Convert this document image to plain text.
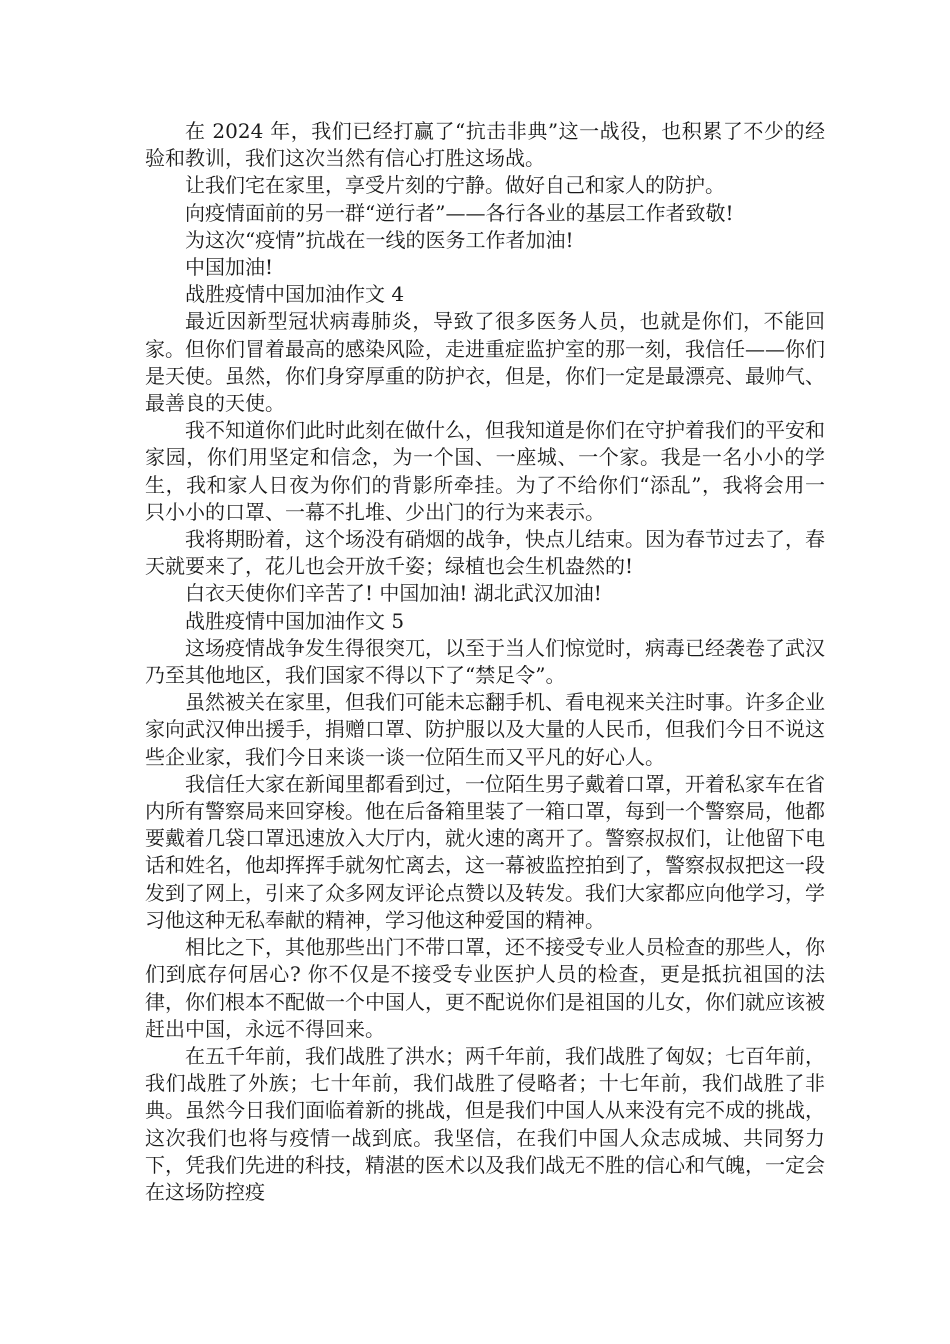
在 2024 年，我们已经打赢了“抗击非典”这一战役，也积累了不少的经验和教训，我们这次当然有信心打胜这场战。

让我们宅在家里，享受片刻的宁静。做好自己和家人的防护。

向疫情面前的另一群“逆行者”——各行各业的基层工作者致敬!

为这次“疫情”抗战在一线的医务工作者加油!

中国加油!

战胜疫情中国加油作文 4

最近因新型冠状病毒肺炎，导致了很多医务人员，也就是你们，不能回家。但你们冒着最高的感染风险，走进重症监护室的那一刻，我信任——你们是天使。虽然，你们身穿厚重的防护衣，但是，你们一定是最漂亮、最帅气、最善良的天使。

我不知道你们此时此刻在做什么，但我知道是你们在守护着我们的平安和家园，你们用坚定和信念，为一个国、一座城、一个家。我是一名小小的学生，我和家人日夜为你们的背影所牵挂。为了不给你们“添乱”，我将会用一只小小的口罩、一幕不扎堆、少出门的行为来表示。

我将期盼着，这个场没有硝烟的战争，快点儿结束。因为春节过去了，春天就要来了，花儿也会开放千姿；绿植也会生机盎然的!

白衣天使你们辛苦了! 中国加油! 湖北武汉加油!

战胜疫情中国加油作文 5

这场疫情战争发生得很突兀，以至于当人们惊觉时，病毒已经袭卷了武汉乃至其他地区，我们国家不得以下了“禁足令”。

虽然被关在家里，但我们可能未忘翻手机、看电视来关注时事。许多企业家向武汉伸出援手，捐赠口罩、防护服以及大量的人民币，但我们今日不说这些企业家，我们今日来谈一谈一位陌生而又平凡的好心人。

我信任大家在新闻里都看到过，一位陌生男子戴着口罩，开着私家车在省内所有警察局来回穿梭。他在后备箱里装了一箱口罩，每到一个警察局，他都要戴着几袋口罩迅速放入大厅内，就火速的离开了。警察叔叔们，让他留下电话和姓名，他却挥挥手就匆忙离去，这一幕被监控拍到了，警察叔叔把这一段发到了网上，引来了众多网友评论点赞以及转发。我们大家都应向他学习，学习他这种无私奉献的精神，学习他这种爱国的精神。

相比之下，其他那些出门不带口罩，还不接受专业人员检查的那些人，你们到底存何居心? 你不仅是不接受专业医护人员的检查，更是抵抗祖国的法律，你们根本不配做一个中国人，更不配说你们是祖国的儿女，你们就应该被赶出中国，永远不得回来。

在五千年前，我们战胜了洪水；两千年前，我们战胜了匈奴；七百年前，我们战胜了外族；七十年前，我们战胜了侵略者；十七年前，我们战胜了非典。虽然今日我们面临着新的挑战，但是我们中国人从来没有完不成的挑战，这次我们也将与疫情一战到底。我坚信，在我们中国人众志成城、共同努力下，凭我们先进的科技，精湛的医术以及我们战无不胜的信心和气魄，一定会在这场防控疫
